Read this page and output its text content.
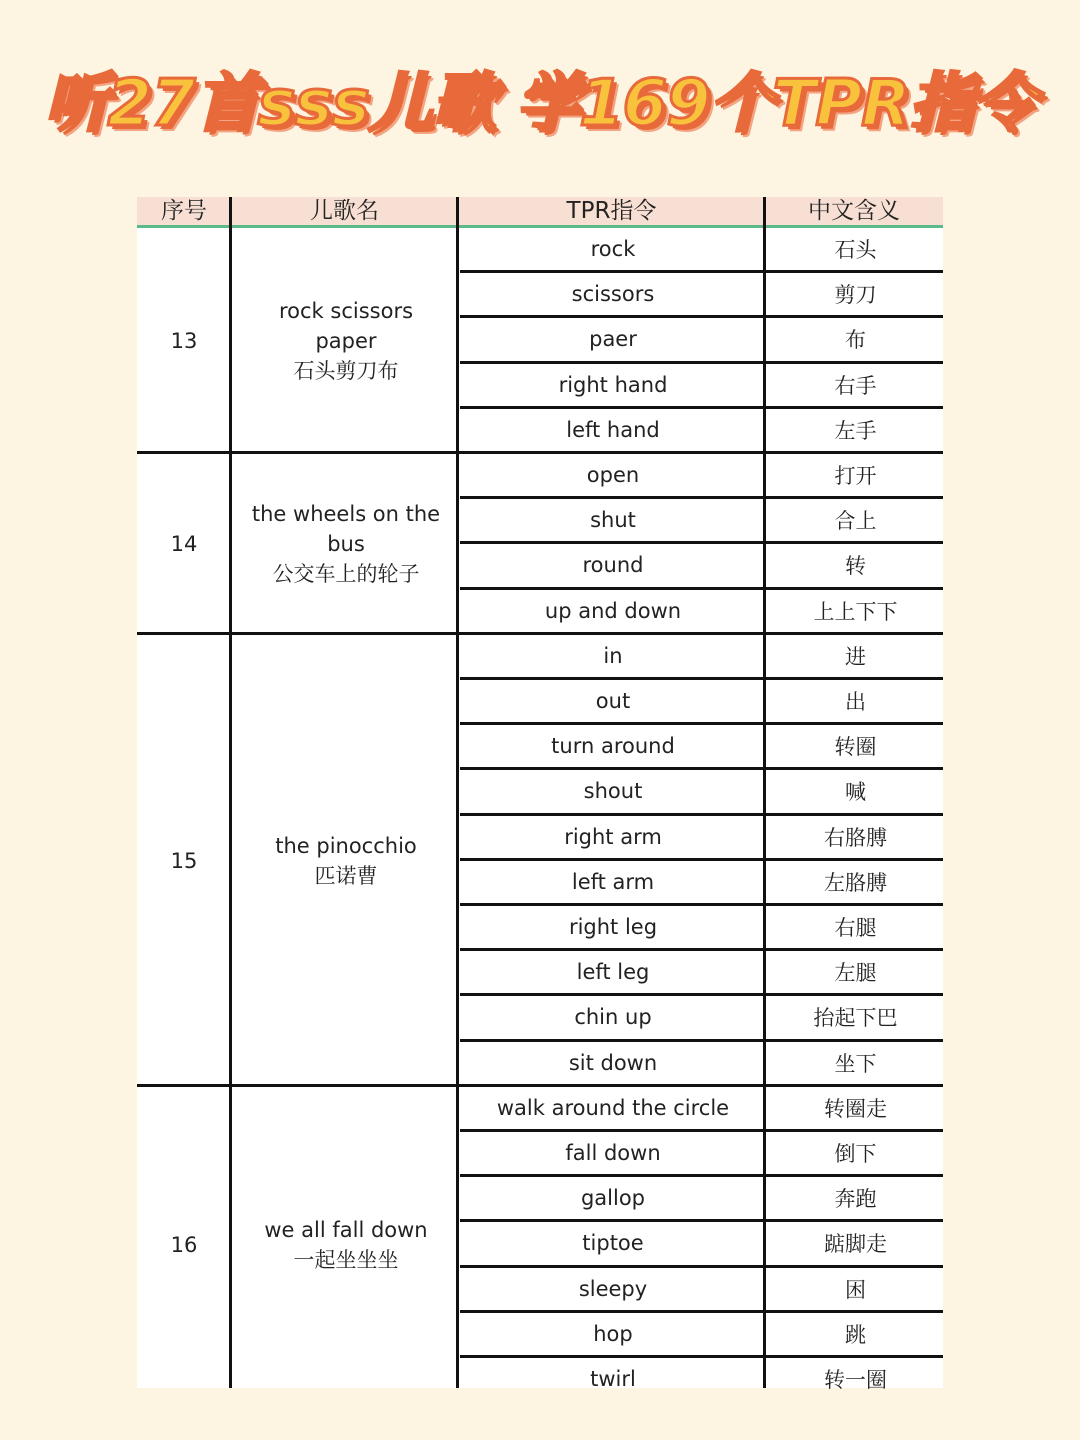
听27首sss儿歌 学169个TPR指令
序号	儿歌名	TPR指令	中文含义
13
rock scissors paper
石头剪刀布
rock	石头
scissors	剪刀
paer	布
right hand	右手
left hand	左手
14
the wheels on the bus
公交车上的轮子
open	打开
shut	合上
round	转
up and down	上上下下
15
the pinocchio
匹诺曹
in	进
out	出
turn around	转圈
shout	喊
right arm	右胳膊
left arm	左胳膊
right leg	右腿
left leg	左腿
chin up	抬起下巴
sit down	坐下
16
we all fall down
一起坐坐坐
walk around the circle	转圈走
fall down	倒下
gallop	奔跑
tiptoe	踮脚走
sleepy	困
hop	跳
twirl	转一圈
